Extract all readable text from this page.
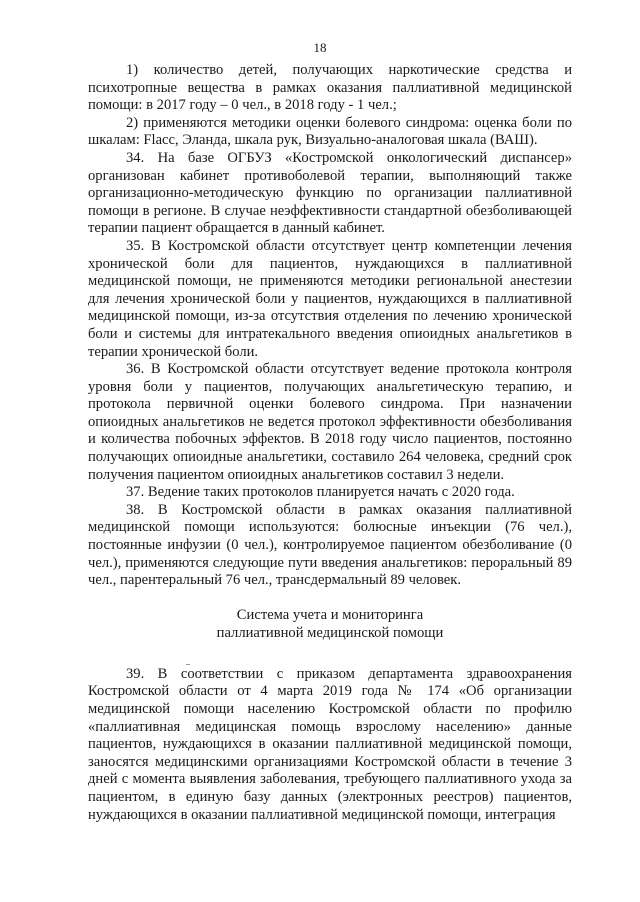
18

1) количество детей, получающих наркотические средства и психотропные вещества в рамках оказания паллиативной медицинской помощи: в 2017 году – 0 чел., в 2018 году - 1 чел.;

2) применяются методики оценки болевого синдрома: оценка боли по шкалам: Flacc, Эланда, шкала рук, Визуально-аналоговая шкала (ВАШ).

34. На базе ОГБУЗ «Костромской онкологический диспансер» организован кабинет противоболевой терапии, выполняющий также организационно-методическую функцию по организации паллиативной помощи в регионе. В случае неэффективности стандартной обезболивающей терапии пациент обращается в данный кабинет.

35. В Костромской области отсутствует центр компетенции лечения хронической боли для пациентов, нуждающихся в паллиативной медицинской помощи, не применяются методики региональной анестезии для лечения хронической боли у пациентов, нуждающихся в паллиативной медицинской помощи, из-за отсутствия отделения по лечению хронической боли и системы для интратекального введения опиоидных анальгетиков в терапии хронической боли.

36. В Костромской области отсутствует ведение протокола контроля уровня боли у пациентов, получающих анальгетическую терапию, и протокола первичной оценки болевого синдрома. При назначении опиоидных анальгетиков не ведется протокол эффективности обезболивания и количества побочных эффектов. В 2018 году число пациентов, постоянно получающих опиоидные анальгетики, составило 264 человека, средний срок получения пациентом опиоидных анальгетиков составил 3 недели.

37. Ведение таких протоколов планируется начать с 2020 года.

38. В Костромской области в рамках оказания паллиативной медицинской помощи используются: болюсные инъекции (76 чел.), постоянные инфузии (0 чел.), контролируемое пациентом обезболивание (0 чел.), применяются следующие пути введения анальгетиков: пероральный 89 чел., парентеральный 76 чел., трансдермальный 89 человек.

Система учета и мониторинга
паллиативной медицинской помощи

39. В соответствии с приказом департамента здравоохранения Костромской области от 4 марта 2019 года № 174 «Об организации медицинской помощи населению Костромской области по профилю «паллиативная медицинская помощь взрослому населению» данные пациентов, нуждающихся в оказании паллиативной медицинской помощи, заносятся медицинскими организациями Костромской области в течение 3 дней с момента выявления заболевания, требующего паллиативного ухода за пациентом, в единую базу данных (электронных реестров) пациентов, нуждающихся в оказании паллиативной медицинской помощи, интеграция
